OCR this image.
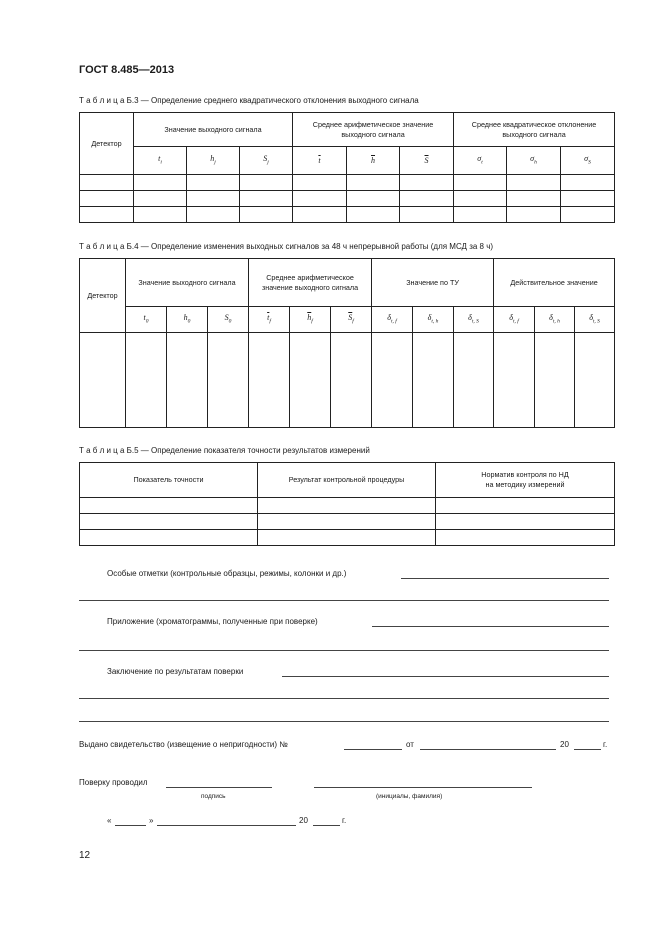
ГОСТ 8.485—2013
Т а б л и ц а Б.3 — Определение среднего квадратического отклонения выходного сигнала
Детектор	Значение выходного сигнала			Среднее арифметическое значение выходного сигнала			Среднее квадратическое отклонение выходного сигнала		
	$t_i$	$h_j$	$S_j$	$\overline{t}$	$\overline{h}$	$\overline{S}$	$\sigma_t$	$\sigma_h$	$\sigma_S$

Т а б л и ц а Б.4 — Определение изменения выходных сигналов за 48 ч непрерывной работы (для МСД за 8 ч)
Детектор	Значение выходного сигнала			Среднее арифметическое значение выходного сигнала			Значение по ТУ			Действительное значение		
	$t_0$	$h_0$	$S_0$	$\overline{t}_f$	$\overline{h}_f$	$\overline{S}_f$	$\delta_{t, f}$	$\delta_{t, h}$	$\delta_{t, S}$	$\delta_{t, f}$	$\delta_{t, h}$	$\delta_{t, S}$

Т а б л и ц а Б.5 — Определение показателя точности результатов измерений
Показатель точности	Результат контрольной процедуры	Норматив контроля по НД
на методику измерений

Особые отметки (контрольные образцы, режимы, колонки и др.)
Приложение (хроматограммы, полученные при поверке)
Заключение по результатам поверки
Выдано свидетельство (извещение о непригодности) №	от	20	г.
Поверку проводил
подпись	(инициалы, фамилия)
«	»	20	г.
12
